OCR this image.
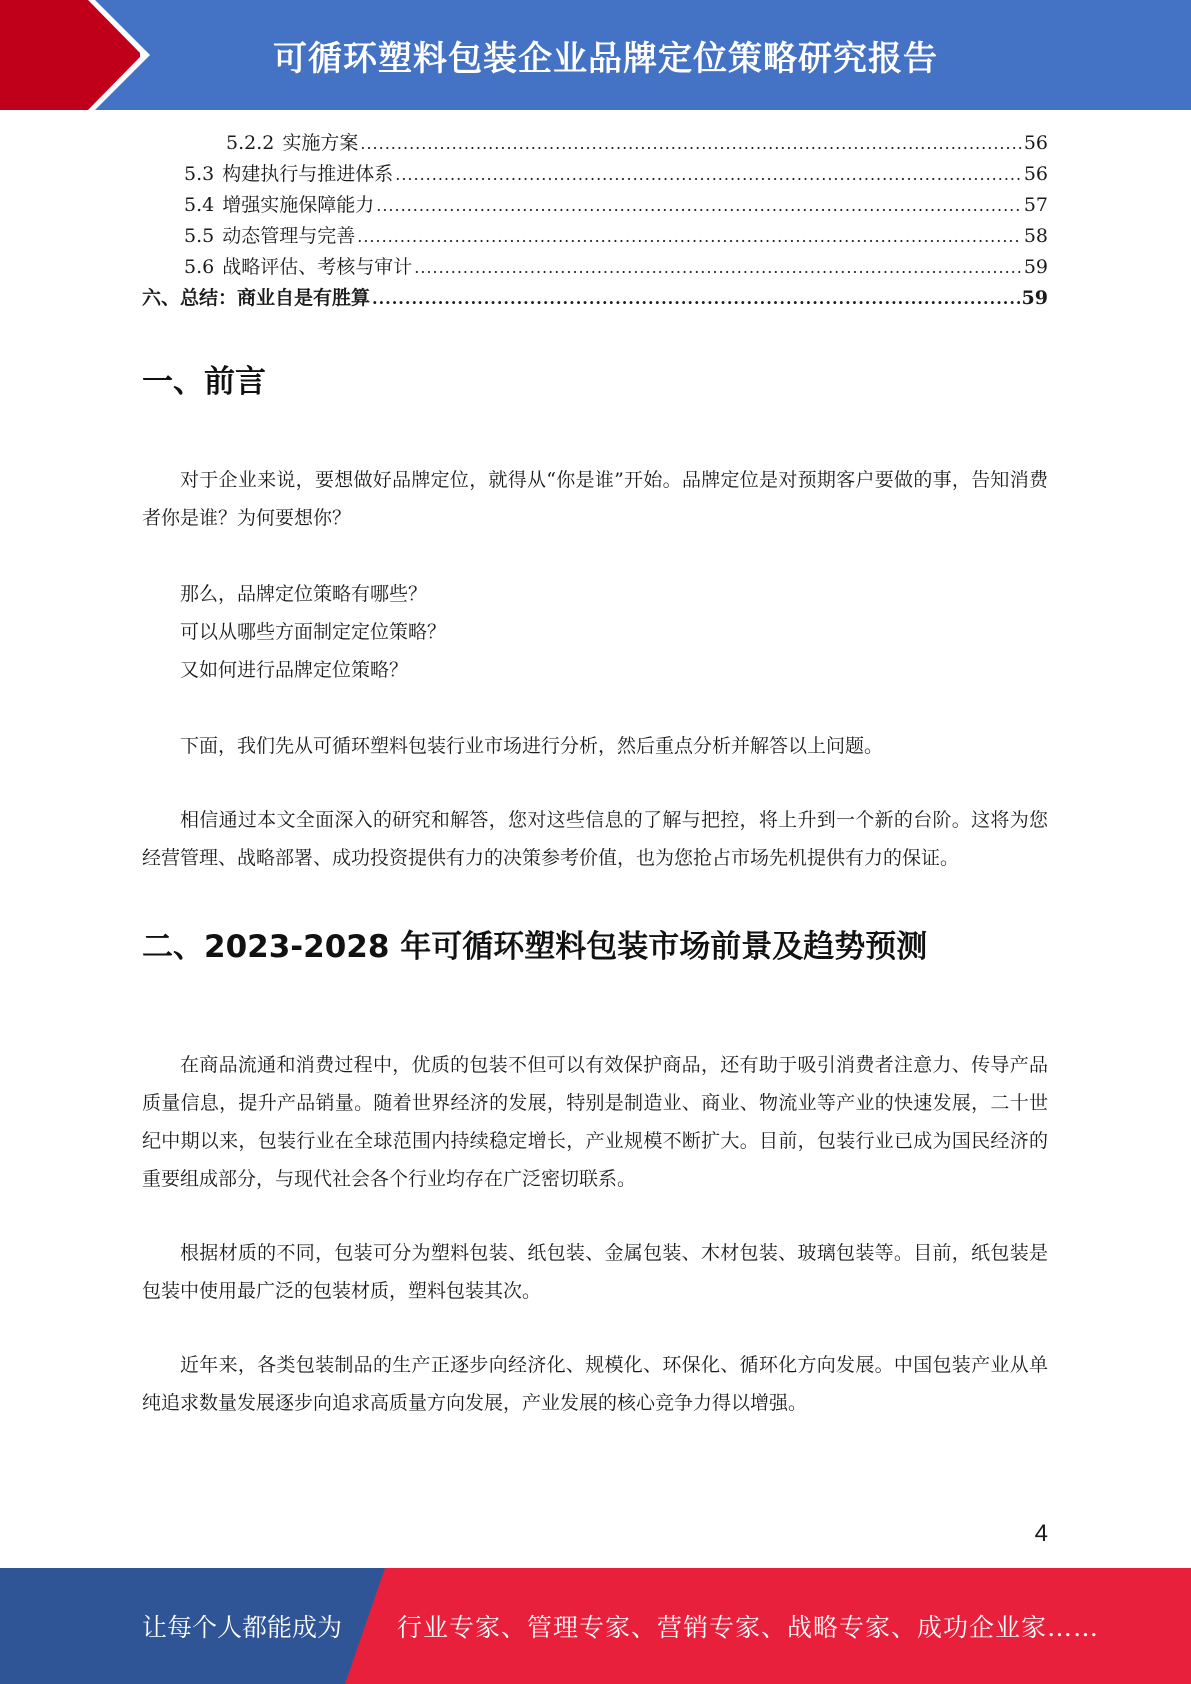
可循环塑料包装企业品牌定位策略研究报告
5.2.2 实施方案 .....	56
5.3 构建执行与推进体系 .....	56
5.4 增强实施保障能力 .....	57
5.5 动态管理与完善 .....	58
5.6 战略评估、考核与审计 .....	59
六、总结：商业自是有胜算 .....	59
一、前言

对于企业来说，要想做好品牌定位，就得从“你是谁”开始。品牌定位是对预期客户要做的事，告知消费者你是谁？为何要想你？

那么，品牌定位策略有哪些？
可以从哪些方面制定定位策略？
又如何进行品牌定位策略？

下面，我们先从可循环塑料包装行业市场进行分析，然后重点分析并解答以上问题。

相信通过本文全面深入的研究和解答，您对这些信息的了解与把控，将上升到一个新的台阶。这将为您经营管理、战略部署、成功投资提供有力的决策参考价值，也为您抢占市场先机提供有力的保证。

二、2023-2028 年可循环塑料包装市场前景及趋势预测

在商品流通和消费过程中，优质的包装不但可以有效保护商品，还有助于吸引消费者注意力、传导产品质量信息，提升产品销量。随着世界经济的发展，特别是制造业、商业、物流业等产业的快速发展，二十世纪中期以来，包装行业在全球范围内持续稳定增长，产业规模不断扩大。目前，包装行业已成为国民经济的重要组成部分，与现代社会各个行业均存在广泛密切联系。

根据材质的不同，包装可分为塑料包装、纸包装、金属包装、木材包装、玻璃包装等。目前，纸包装是包装中使用最广泛的包装材质，塑料包装其次。

近年来，各类包装制品的生产正逐步向经济化、规模化、环保化、循环化方向发展。中国包装产业从单纯追求数量发展逐步向追求高质量方向发展，产业发展的核心竞争力得以增强。

4
让每个人都能成为 行业专家、管理专家、营销专家、战略专家、成功企业家……
